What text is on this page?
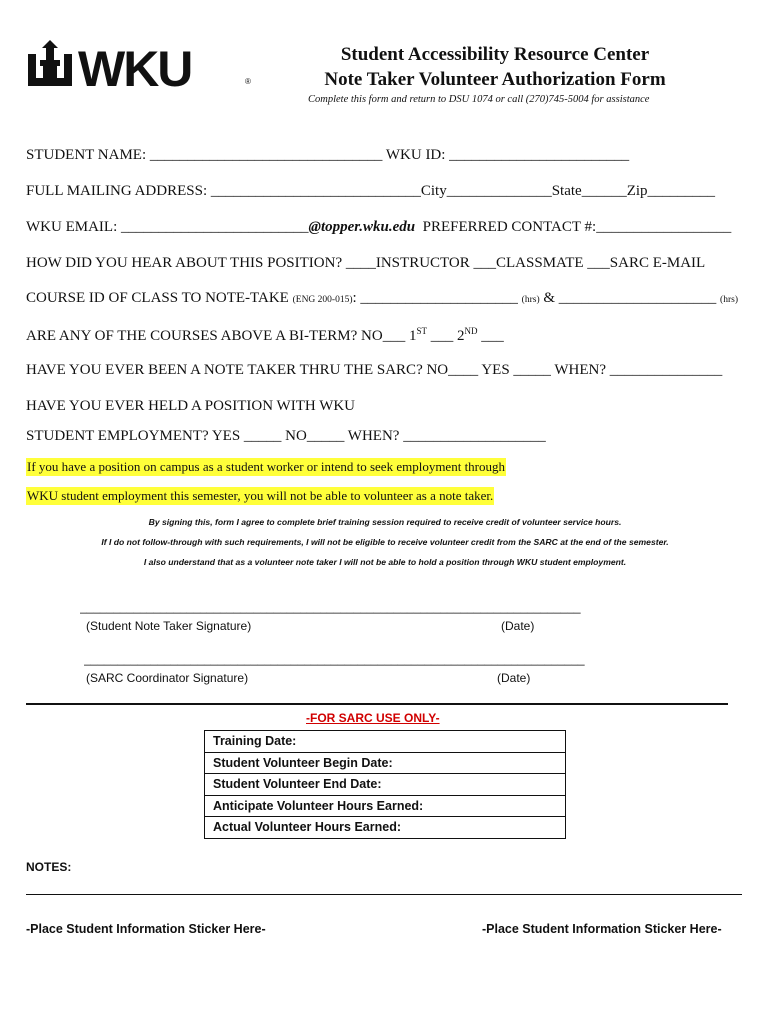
WKU	®
Student Accessibility Resource Center
Note Taker Volunteer Authorization Form
Complete this form and return to DSU 1074 or call (270)745-5004 for assistance
STUDENT NAME: _______________________________ WKU ID: ________________________
FULL MAILING ADDRESS: ____________________________City______________State______Zip_________
WKU EMAIL: _________________________@topper.wku.edu PREFERRED CONTACT #:__________________
HOW DID YOU HEAR ABOUT THIS POSITION? ____INSTRUCTOR ___CLASSMATE ___SARC E-MAIL
COURSE ID OF CLASS TO NOTE-TAKE (ENG 200-015): _____________________ (hrs) & _____________________ (hrs)
ARE ANY OF THE COURSES ABOVE A BI-TERM? NO___ 1ST ___ 2ND ___
HAVE YOU EVER BEEN A NOTE TAKER THRU THE SARC? NO____ YES _____ WHEN? _______________
HAVE YOU EVER HELD A POSITION WITH WKU
STUDENT EMPLOYMENT? YES _____ NO_____ WHEN? ___________________
If you have a position on campus as a student worker or intend to seek employment through
WKU student employment this semester, you will not be able to volunteer as a note taker.
By signing this, form I agree to complete brief training session required to receive credit of volunteer service hours.
If I do not follow-through with such requirements, I will not be eligible to receive volunteer credit from the SARC at the end of the semester.
I also understand that as a volunteer note taker I will not be able to hold a position through WKU student employment.
___________________________________________________________________________
(Student Note Taker Signature)	(Date)
___________________________________________________________________________
(SARC Coordinator Signature)	(Date)
-FOR SARC USE ONLY-
Training Date:
Student Volunteer Begin Date:
Student Volunteer End Date:
Anticipate Volunteer Hours Earned:
Actual Volunteer Hours Earned:
NOTES:
-Place Student Information Sticker Here-	-Place Student Information Sticker Here-
